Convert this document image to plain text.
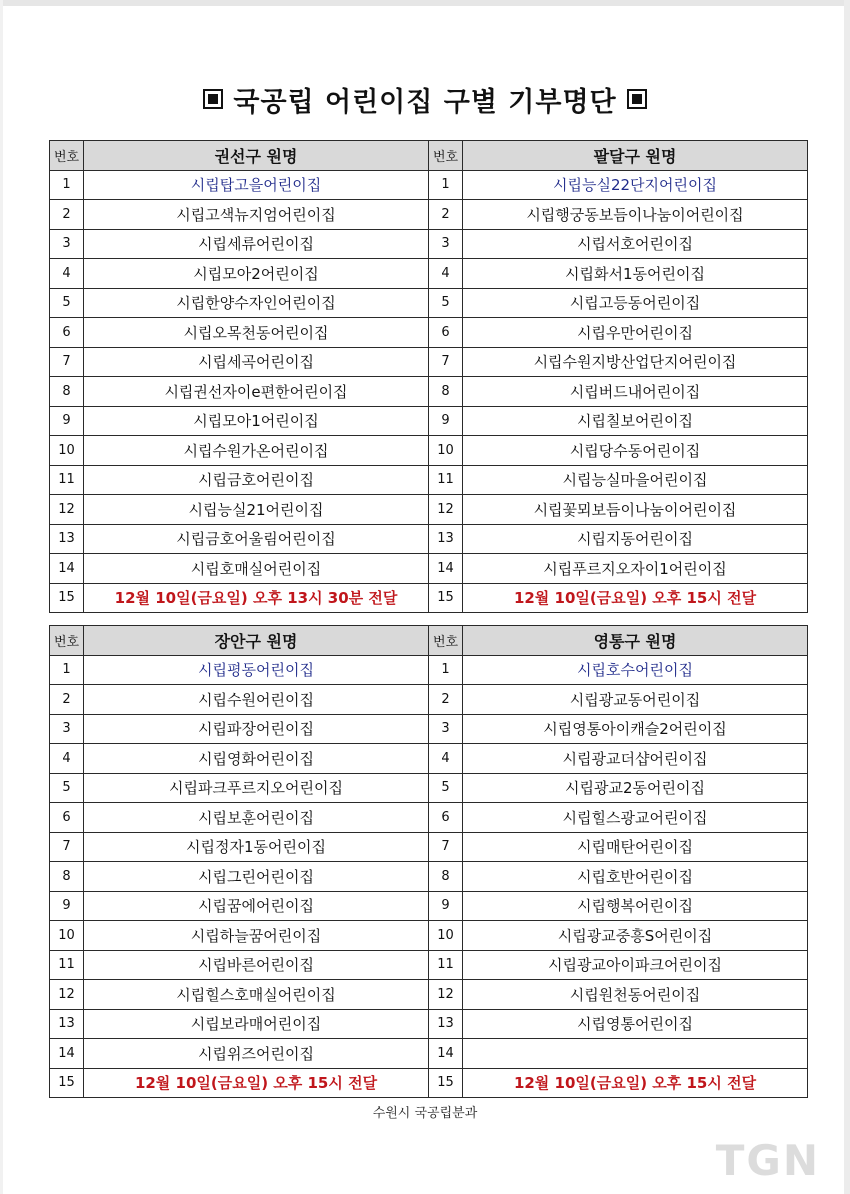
국공립 어린이집 구별 기부명단
번호	권선구 원명	번호	팔달구 원명
1	시립탑고을어린이집	1	시립능실22단지어린이집
2	시립고색뉴지엄어린이집	2	시립행궁동보듬이나눔이어린이집
3	시립세류어린이집	3	시립서호어린이집
4	시립모아2어린이집	4	시립화서1동어린이집
5	시립한양수자인어린이집	5	시립고등동어린이집
6	시립오목천동어린이집	6	시립우만어린이집
7	시립세곡어린이집	7	시립수원지방산업단지어린이집
8	시립권선자이e편한어린이집	8	시립버드내어린이집
9	시립모아1어린이집	9	시립칠보어린이집
10	시립수원가온어린이집	10	시립당수동어린이집
11	시립금호어린이집	11	시립능실마을어린이집
12	시립능실21어린이집	12	시립꽃뫼보듬이나눔이어린이집
13	시립금호어울림어린이집	13	시립지동어린이집
14	시립호매실어린이집	14	시립푸르지오자이1어린이집
15	12월 10일(금요일) 오후 13시 30분 전달	15	12월 10일(금요일) 오후 15시 전달
번호	장안구 원명	번호	영통구 원명
1	시립평동어린이집	1	시립호수어린이집
2	시립수원어린이집	2	시립광교동어린이집
3	시립파장어린이집	3	시립영통아이캐슬2어린이집
4	시립영화어린이집	4	시립광교더샵어린이집
5	시립파크푸르지오어린이집	5	시립광교2동어린이집
6	시립보훈어린이집	6	시립힐스광교어린이집
7	시립정자1동어린이집	7	시립매탄어린이집
8	시립그린어린이집	8	시립호반어린이집
9	시립꿈에어린이집	9	시립행복어린이집
10	시립하늘꿈어린이집	10	시립광교중흥S어린이집
11	시립바른어린이집	11	시립광교아이파크어린이집
12	시립힐스호매실어린이집	12	시립원천동어린이집
13	시립보라매어린이집	13	시립영통어린이집
14	시립위즈어린이집	14	
15	12월 10일(금요일) 오후 15시 전달	15	12월 10일(금요일) 오후 15시 전달
수원시 국공립분과
TGN
